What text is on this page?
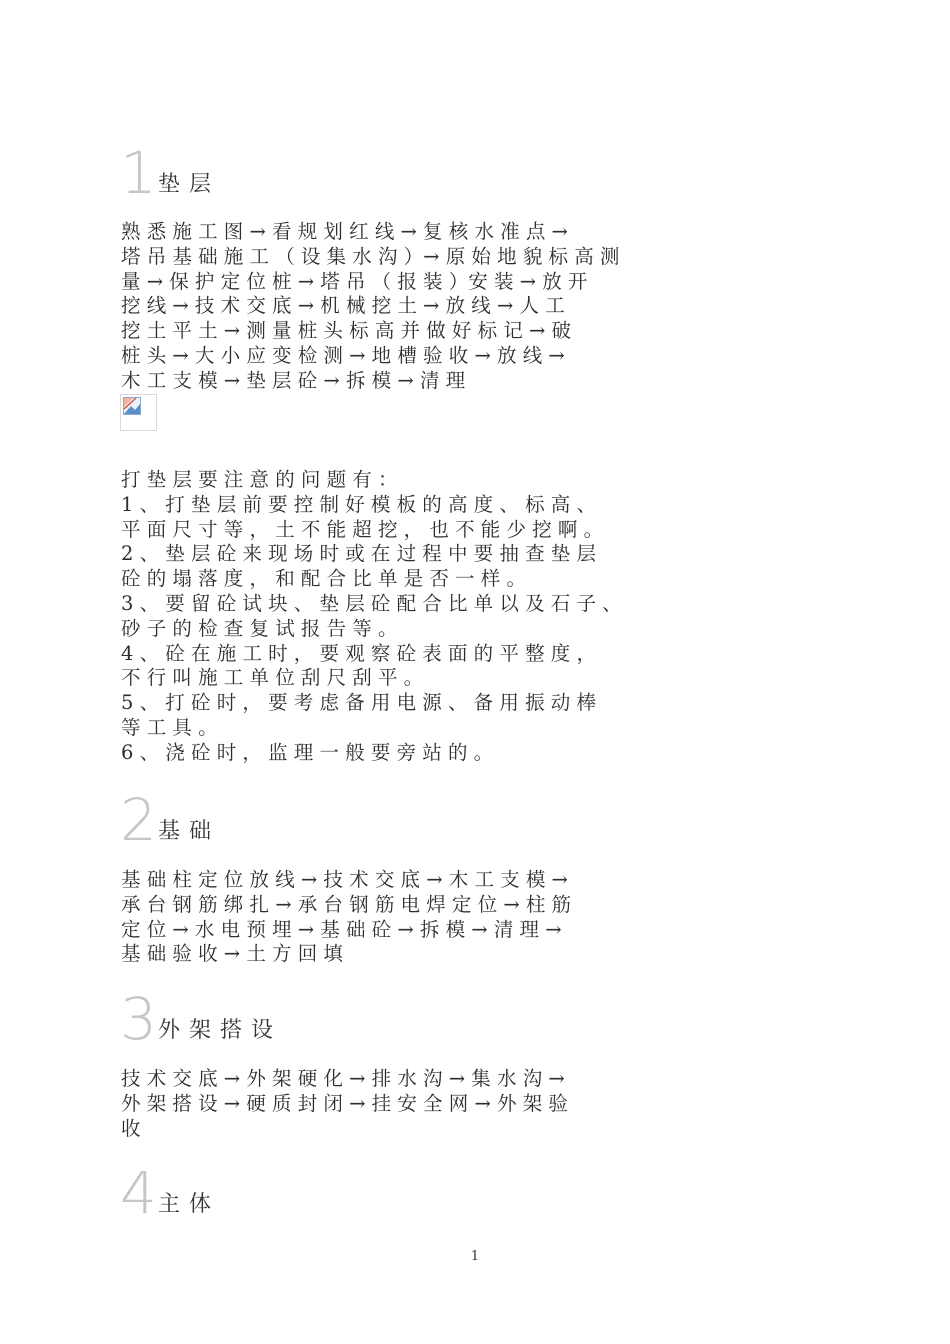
1 垫层
熟 悉 施 工 图 → 看 规 划 红 线 → 复 核 水 准 点 →
塔 吊 基 础 施 工 （ 设 集 水 沟 ）→ 原 始 地 貌 标 高 测
量 → 保 护 定 位 桩 → 塔 吊 （ 报 装 ）安 装 → 放 开
挖 线 → 技 术 交 底 → 机 械 挖 土 → 放 线 → 人 工
挖 土 平 土 → 测 量 桩 头 标 高 并 做 好 标 记 → 破
桩 头 → 大 小 应 变 检 测 → 地 槽 验 收 → 放 线 →
木 工 支 模 → 垫 层 砼 → 拆 模 → 清 理
打 垫 层 要 注 意 的 问 题 有 ：
1 、 打 垫 层 前 要 控 制 好 模 板 的 高 度 、 标 高 、
平 面 尺 寸 等 ， 土 不 能 超 挖 ， 也 不 能 少 挖 啊 。
2 、 垫 层 砼 来 现 场 时 或 在 过 程 中 要 抽 查 垫 层
砼 的 塌 落 度 ， 和 配 合 比 单 是 否 一 样 。
3 、 要 留 砼 试 块 、 垫 层 砼 配 合 比 单 以 及 石 子 、
砂 子 的 检 查 复 试 报 告 等 。
4 、 砼 在 施 工 时 ， 要 观 察 砼 表 面 的 平 整 度 ，
不 行 叫 施 工 单 位 刮 尺 刮 平 。
5 、 打 砼 时 ， 要 考 虑 备 用 电 源 、 备 用 振 动 棒
等 工 具 。
6 、 浇 砼 时 ， 监 理 一 般 要 旁 站 的 。
2 基础
基 础 柱 定 位 放 线 → 技 术 交 底 → 木 工 支 模 →
承 台 钢 筋 绑 扎 → 承 台 钢 筋 电 焊 定 位 → 柱 筋
定 位 → 水 电 预 埋 → 基 础 砼 → 拆 模 → 清 理 →
基 础 验 收 → 土 方 回 填
3 外架搭设
技 术 交 底 → 外 架 硬 化 → 排 水 沟 → 集 水 沟 →
外 架 搭 设 → 硬 质 封 闭 → 挂 安 全 网 → 外 架 验
收
4 主体
1
